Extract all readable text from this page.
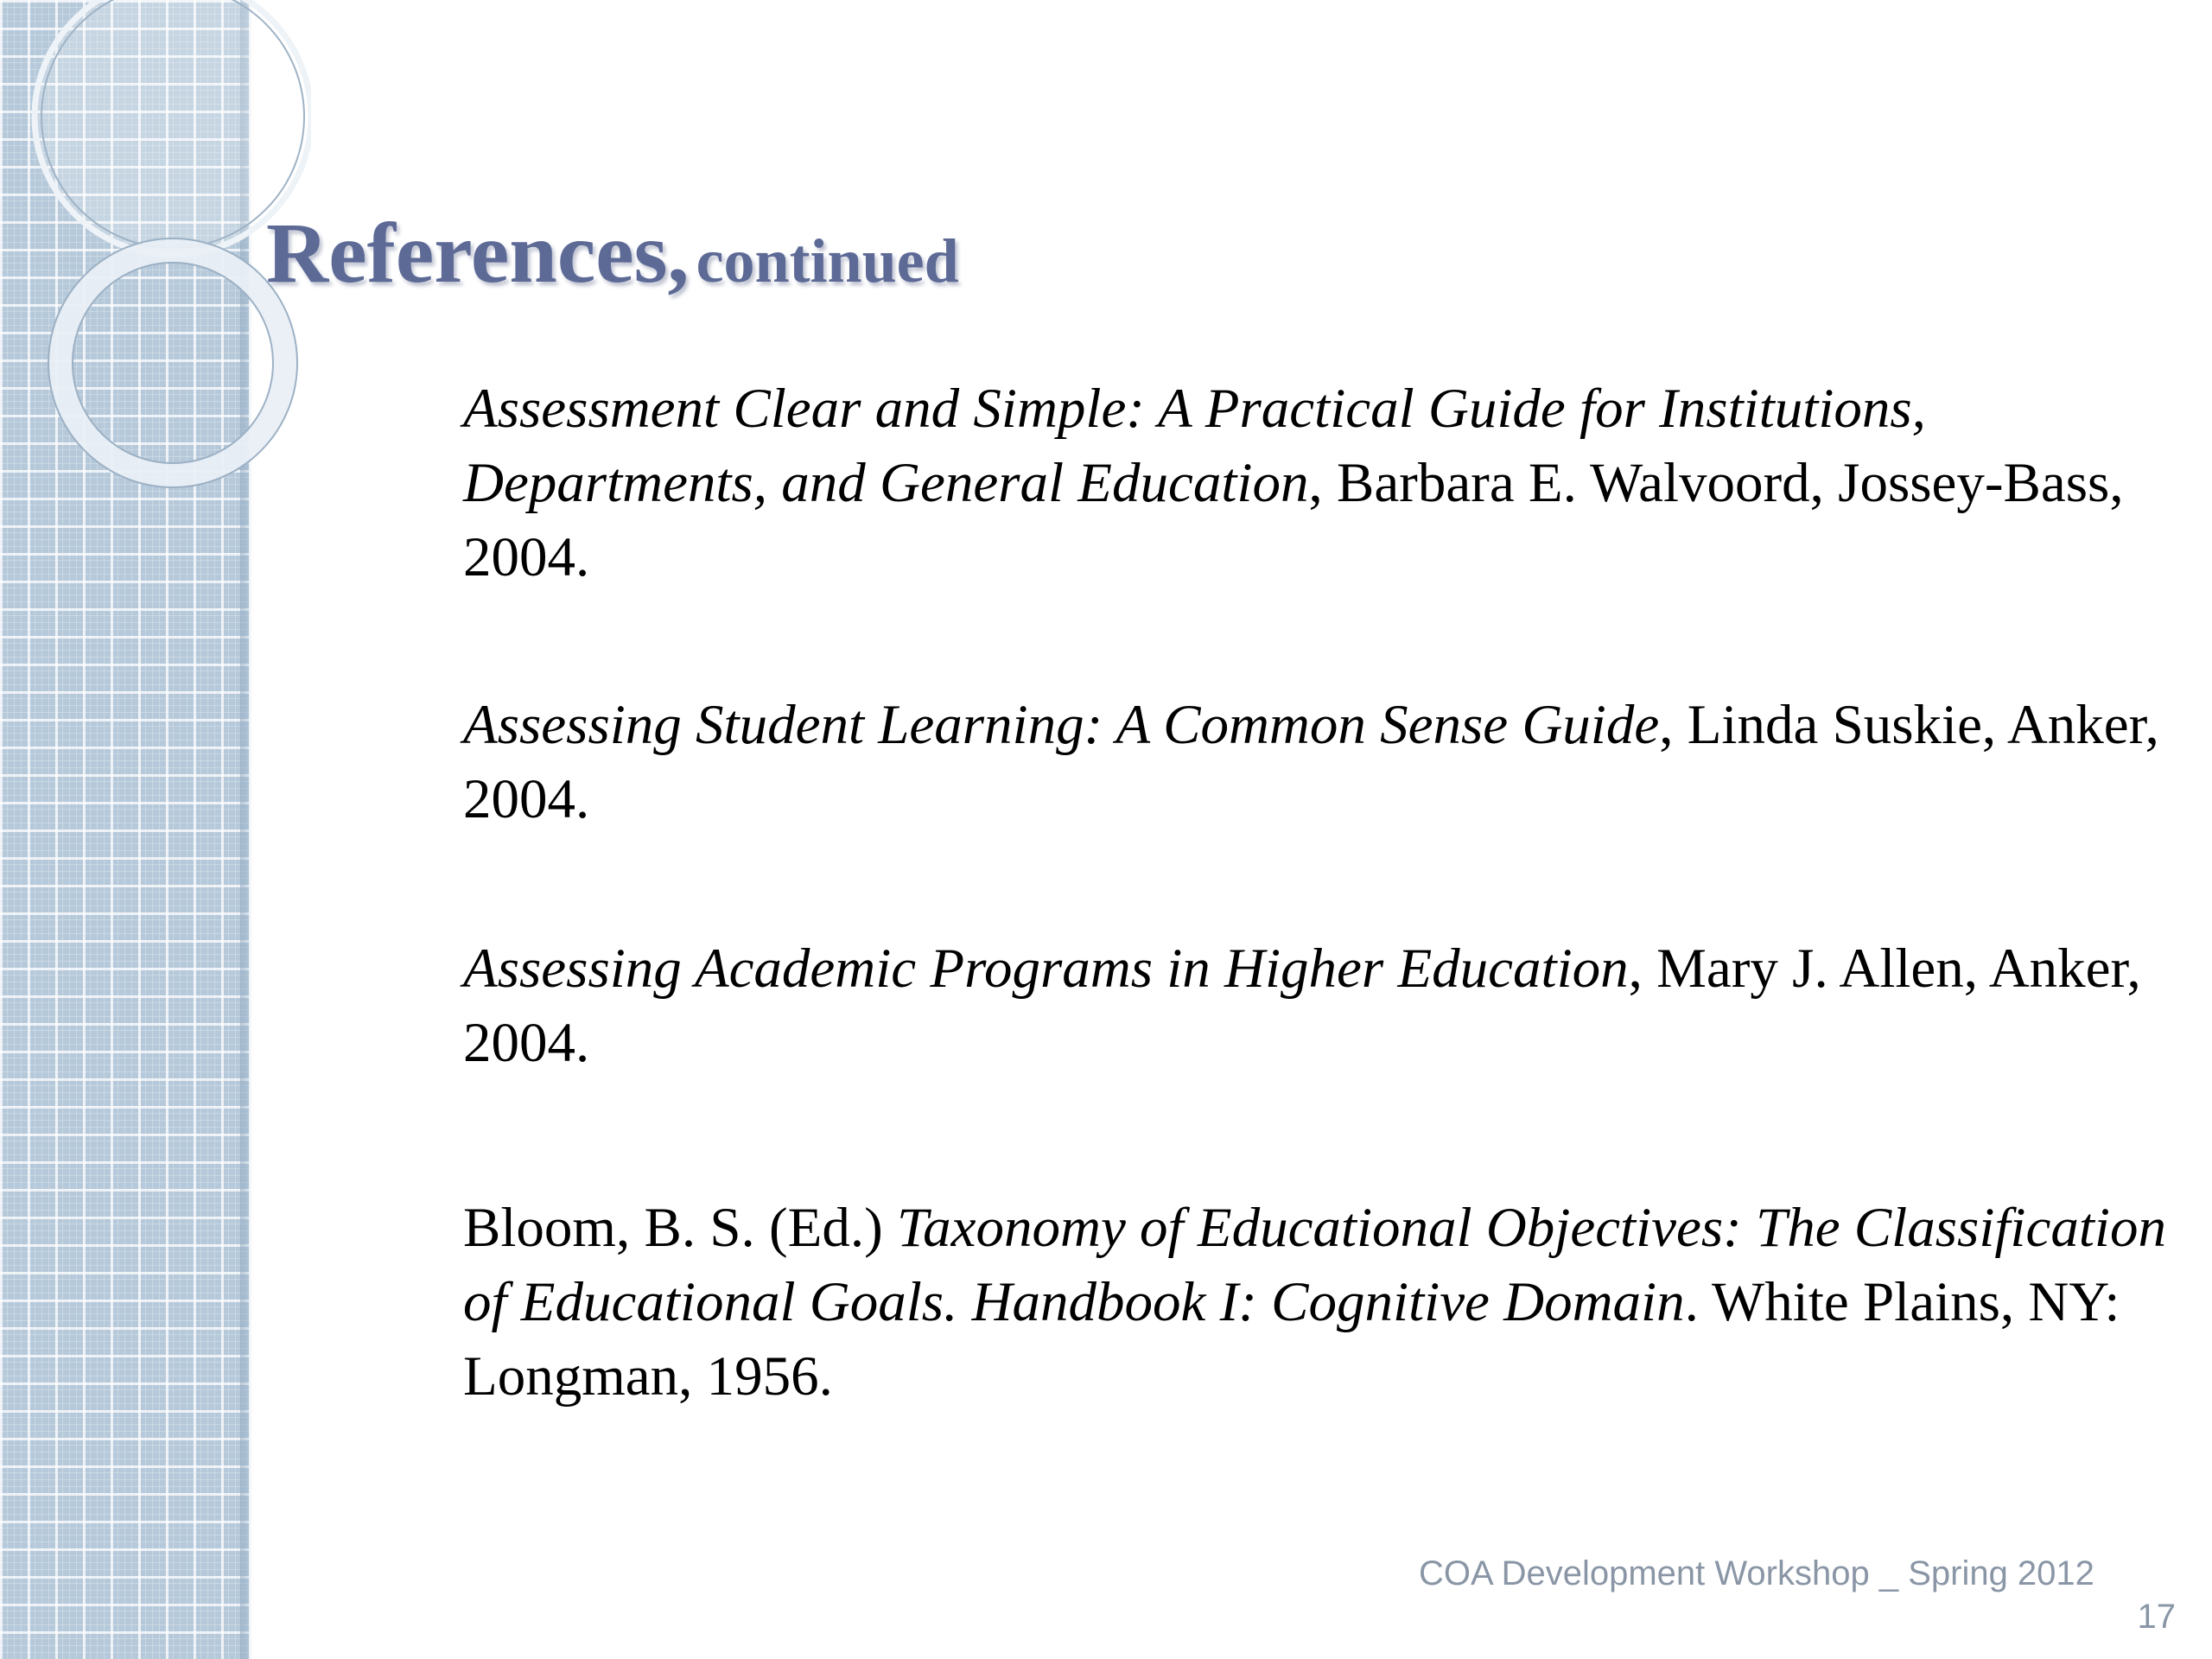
References, continued

Assessment Clear and Simple: A Practical Guide for Institutions, Departments, and General Education, Barbara E. Walvoord, Jossey-Bass, 2004.

Assessing Student Learning: A Common Sense Guide, Linda Suskie, Anker, 2004.

Assessing Academic Programs in Higher Education, Mary J. Allen, Anker, 2004.

Bloom, B. S. (Ed.) Taxonomy of Educational Objectives: The Classification of Educational Goals. Handbook I: Cognitive Domain. White Plains, NY: Longman, 1956.

COA Development Workshop _ Spring 2012
17
